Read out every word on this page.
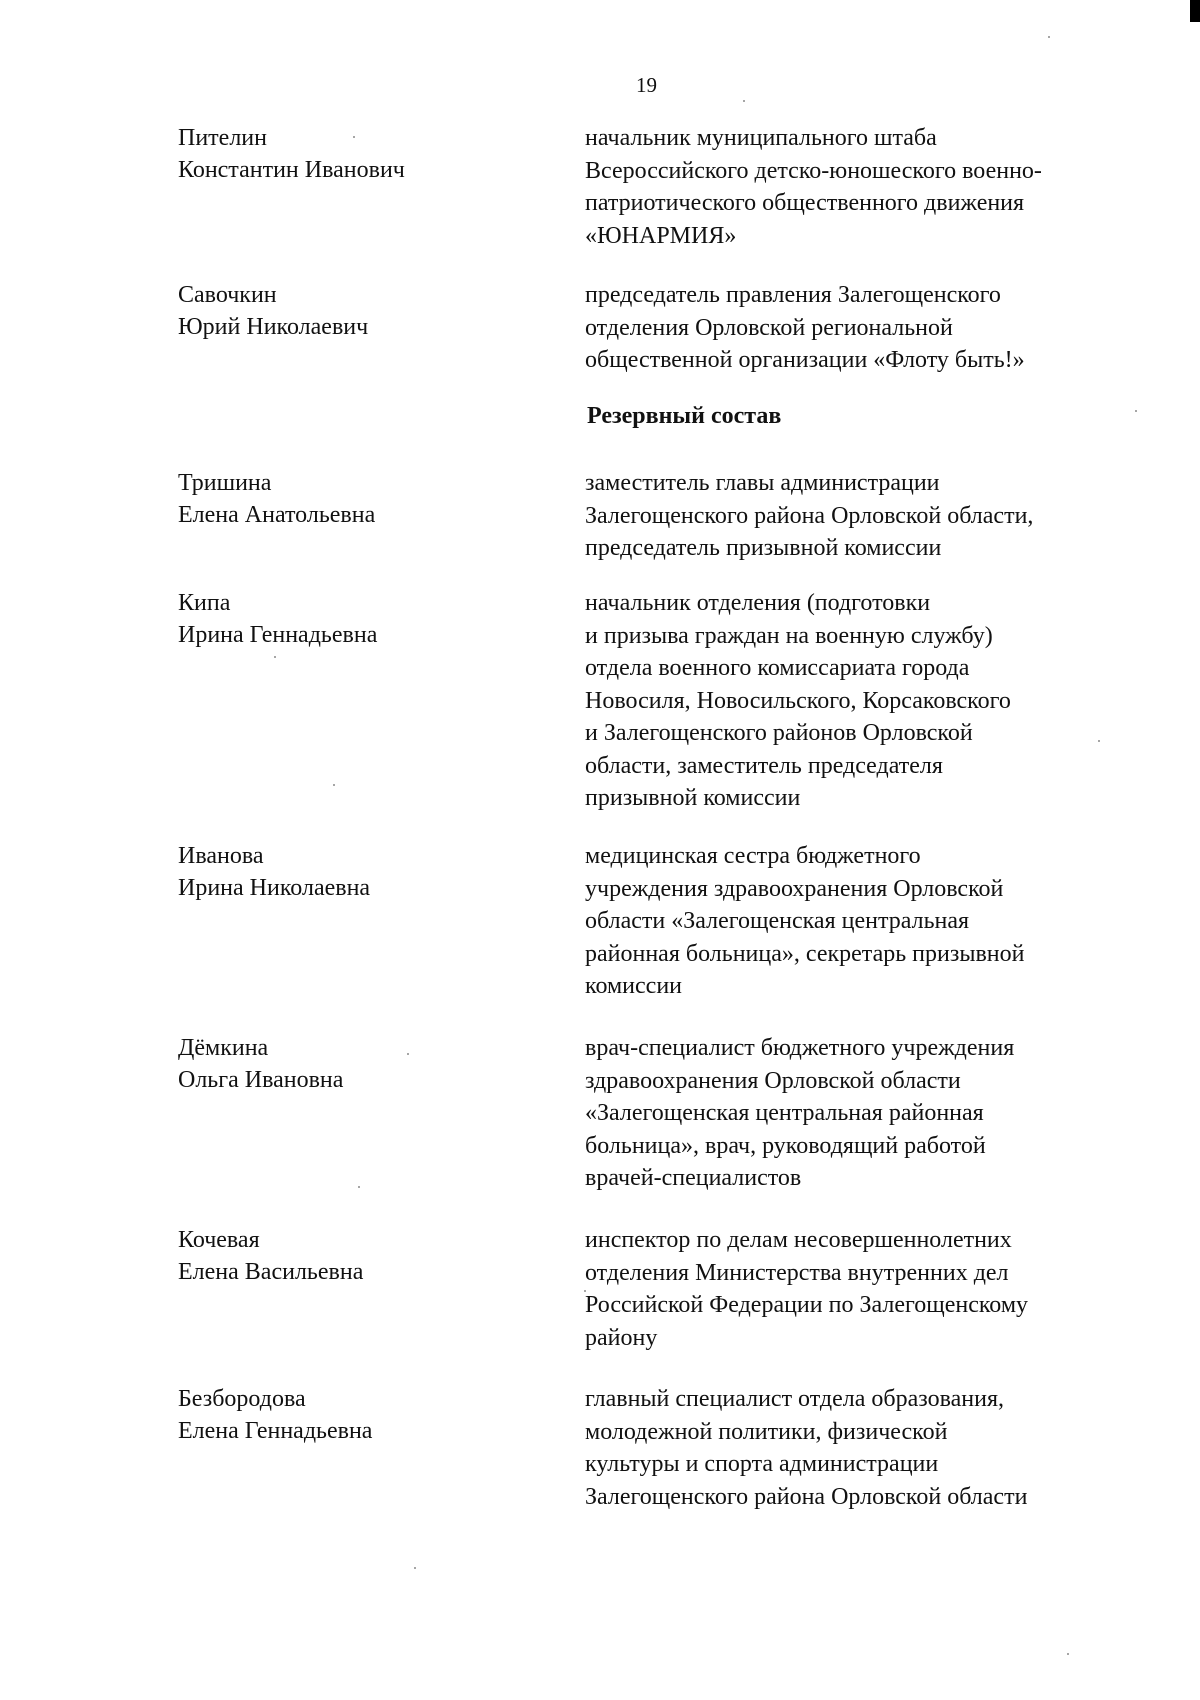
19
Пителин
Константин Иванович
начальник муниципального штаба
Всероссийского детско-юношеского военно-
патриотического общественного движения
«ЮНАРМИЯ»
Савочкин
Юрий Николаевич
председатель правления Залегощенского
отделения Орловской региональной
общественной организации «Флоту быть!»
Резервный состав
Тришина
Елена Анатольевна
заместитель главы администрации
Залегощенского района Орловской области,
председатель призывной комиссии
Кипа
Ирина Геннадьевна
начальник отделения (подготовки
и призыва граждан на военную службу)
отдела военного комиссариата города
Новосиля, Новосильского, Корсаковского
и Залегощенского районов Орловской
области, заместитель председателя
призывной комиссии
Иванова
Ирина Николаевна
медицинская сестра бюджетного
учреждения здравоохранения Орловской
области «Залегощенская центральная
районная больница», секретарь призывной
комиссии
Дёмкина
Ольга Ивановна
врач-специалист бюджетного учреждения
здравоохранения Орловской области
«Залегощенская центральная районная
больница», врач, руководящий работой
врачей-специалистов
Кочевая
Елена Васильевна
инспектор по делам несовершеннолетних
отделения Министерства внутренних дел
Российской Федерации по Залегощенскому
району
Безбородова
Елена Геннадьевна
главный специалист отдела образования,
молодежной политики, физической
культуры и спорта администрации
Залегощенского района Орловской области
